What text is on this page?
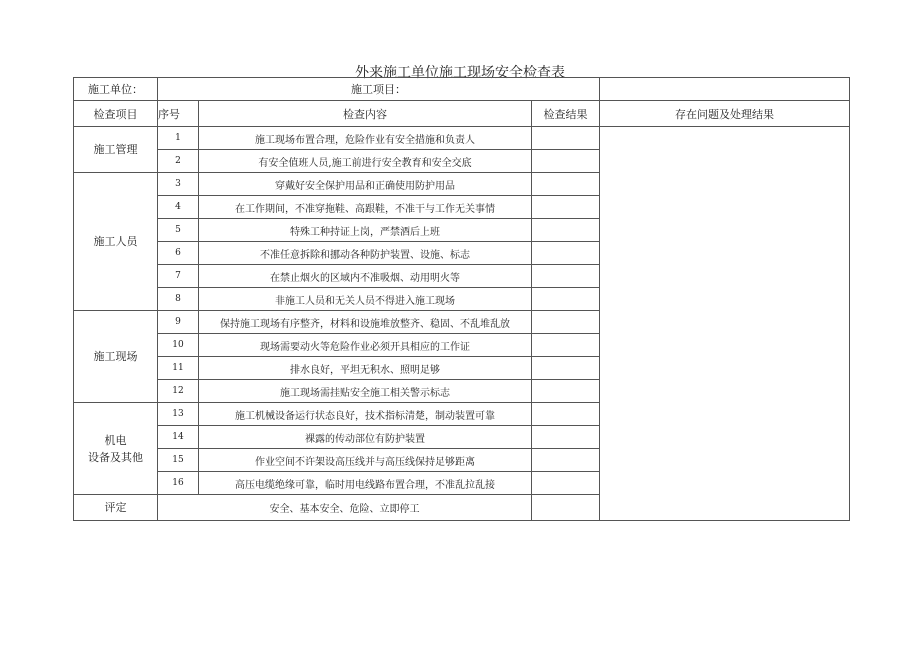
外来施工单位施工现场安全检查表
施工单位：	施工项目：			
检查项目	序号	检查内容	检查结果	存在问题及处理结果
施工管理	1	施工现场布置合理，危险作业有安全措施和负责人		
	2	有安全值班人员,施工前进行安全教育和安全交底		
施工人员	3	穿戴好安全保护用品和正确使用防护用品		
	4	在工作期间，不准穿拖鞋、高跟鞋，不准干与工作无关事情		
	5	特殊工种持证上岗，严禁酒后上班		
	6	不准任意拆除和挪动各种防护装置、设施、标志		
	7	在禁止烟火的区域内不准吸烟、动用明火等		
	8	非施工人员和无关人员不得进入施工现场		
施工现场	9	保持施工现场有序整齐，材料和设施堆放整齐、稳固、不乱堆乱放		
	10	现场需要动火等危险作业必须开具相应的工作证		
	11	排水良好，平坦无积水、照明足够		
	12	施工现场需挂贴安全施工相关警示标志		

机电
设备及其他	13	施工机械设备运行状态良好，技术指标清楚，制动装置可靠		
	14	裸露的传动部位有防护装置		
	15	作业空间不许架设高压线并与高压线保持足够距离		
	16	高压电缆绝缘可靠，临时用电线路布置合理，不准乱拉乱接		
评定	安全、基本安全、危险、立即停工			
